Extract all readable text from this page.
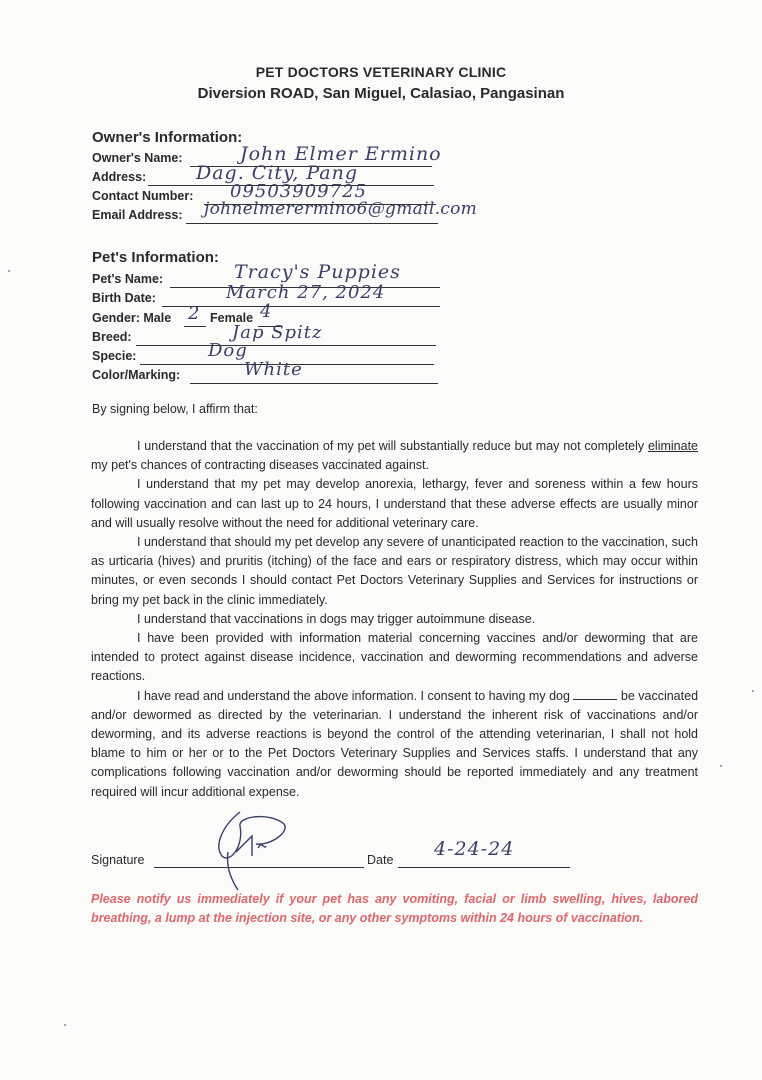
PET DOCTORS VETERINARY CLINIC
Diversion ROAD, San Miguel, Calasiao, Pangasinan
Owner's Information:
Owner's Name:	John Elmer Ermino
Address:	Dag. City, Pang
Contact Number: 09503909725
Email Address: johnelmerermino6@gmail.com
Pet's Information:
Pet's Name:	Tracy's Puppies
Birth Date:	March 27, 2024
Gender: Male 2 Female 4
Breed:	Jap Spitz
Specie:	Dog
Color/Marking:	White
By signing below, I affirm that:

I understand that the vaccination of my pet will substantially reduce but may not completely eliminate my pet's chances of contracting diseases vaccinated against.

I understand that my pet may develop anorexia, lethargy, fever and soreness within a few hours following vaccination and can last up to 24 hours, I understand that these adverse effects are usually minor and will usually resolve without the need for additional veterinary care.

I understand that should my pet develop any severe of unanticipated reaction to the vaccination, such as urticaria (hives) and pruritis (itching) of the face and ears or respiratory distress, which may occur within minutes, or even seconds I should contact Pet Doctors Veterinary Supplies and Services for instructions or bring my pet back in the clinic immediately.

I understand that vaccinations in dogs may trigger autoimmune disease.

I have been provided with information material concerning vaccines and/or deworming that are intended to protect against disease incidence, vaccination and deworming recommendations and adverse reactions.

I have read and understand the above information. I consent to having my dog	be vaccinated and/or dewormed as directed by the veterinarian. I understand the inherent risk of vaccinations and/or deworming, and its adverse reactions is beyond the control of the attending veterinarian, I shall not hold blame to him or her or to the Pet Doctors Veterinary Supplies and Services staffs. I understand that any complications following vaccination and/or deworming should be reported immediately and any treatment required will incur additional expense.

Signature	Date 4-24-24
Please notify us immediately if your pet has any vomiting, facial or limb swelling, hives, labored breathing, a lump at the injection site, or any other symptoms within 24 hours of vaccination.
